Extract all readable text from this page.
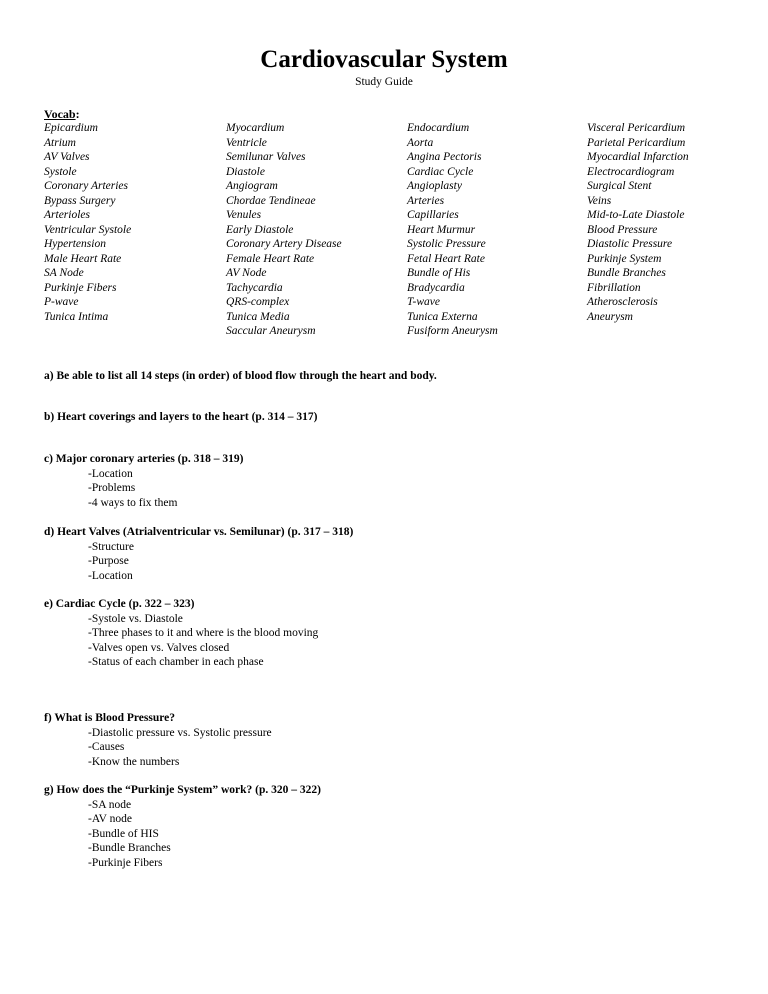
Cardiovascular System
Study Guide
Vocab:
Epicardium
Atrium
AV Valves
Systole
Coronary Arteries
Bypass Surgery
Arterioles
Ventricular Systole
Hypertension
Male Heart Rate
SA Node
Purkinje Fibers
P-wave
Tunica Intima
Myocardium
Ventricle
Semilunar Valves
Diastole
Angiogram
Chordae Tendineae
Venules
Early Diastole
Coronary Artery Disease
Female Heart Rate
AV Node
Tachycardia
QRS-complex
Tunica Media
Saccular Aneurysm
Endocardium
Aorta
Angina Pectoris
Cardiac Cycle
Angioplasty
Arteries
Capillaries
Heart Murmur
Systolic Pressure
Fetal Heart Rate
Bundle of His
Bradycardia
T-wave
Tunica Externa
Fusiform Aneurysm
Visceral Pericardium
Parietal Pericardium
Myocardial Infarction
Electrocardiogram
Surgical Stent
Veins
Mid-to-Late Diastole
Blood Pressure
Diastolic Pressure
Purkinje System
Bundle Branches
Fibrillation
Atherosclerosis
Aneurysm
a) Be able to list all 14 steps (in order) of blood flow through the heart and body.
b) Heart coverings and layers to the heart (p. 314 – 317)
c) Major coronary arteries (p. 318 – 319)
-Location
-Problems
-4 ways to fix them
d) Heart Valves (Atrialventricular vs. Semilunar) (p. 317 – 318)
-Structure
-Purpose
-Location
e) Cardiac Cycle (p. 322 – 323)
-Systole vs. Diastole
-Three phases to it and where is the blood moving
-Valves open vs. Valves closed
-Status of each chamber in each phase
f) What is Blood Pressure?
-Diastolic pressure vs. Systolic pressure
-Causes
-Know the numbers
g) How does the “Purkinje System” work? (p. 320 – 322)
-SA node
-AV node
-Bundle of HIS
-Bundle Branches
-Purkinje Fibers
